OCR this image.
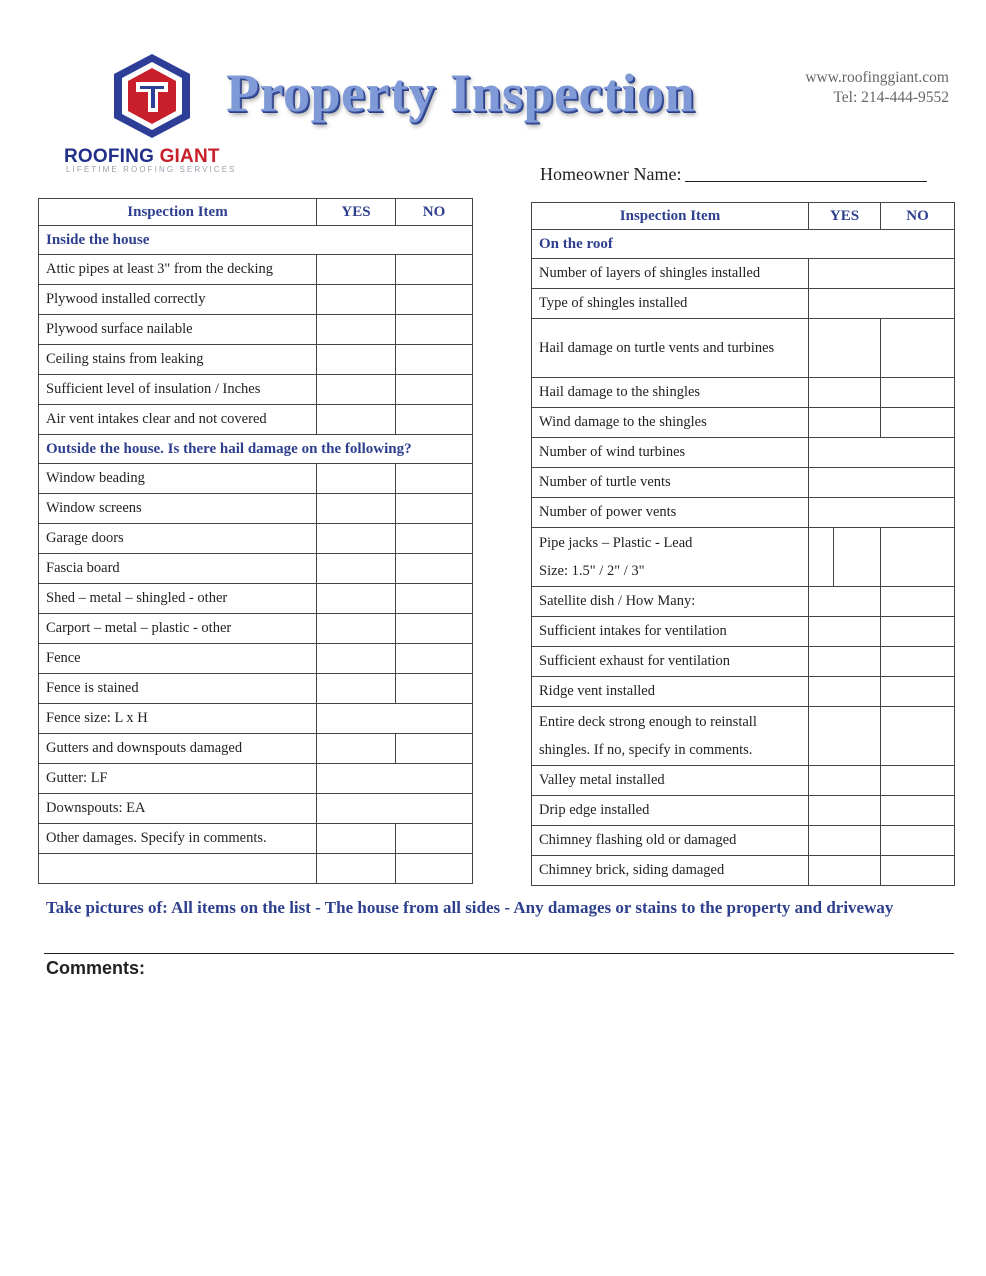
ROOFING GIANT
LIFETIME ROOFING SERVICES
Property Inspection	www.roofinggiant.com
Tel: 214-444-9552
Homeowner Name:
Inspection Item	YES	NO
Inside the house		
Attic pipes at least 3" from the decking		
Plywood installed correctly		
Plywood surface nailable		
Ceiling stains from leaking		
Sufficient level of insulation / Inches		
Air vent intakes clear and not covered		
Outside the house. Is there hail damage on the following?		
Window beading		
Window screens		
Garage doors		
Fascia board		
Shed – metal – shingled - other		
Carport – metal – plastic - other		
Fence		
Fence is stained		
Fence size: L x H		
Gutters and downspouts damaged		
Gutter: LF		
Downspouts: EA		
Other damages. Specify in comments.		

Inspection Item	YES		NO
On the roof			
Number of layers of shingles installed			
Type of shingles installed			
Hail damage on turtle vents and turbines			
Hail damage to the shingles			
Wind damage to the shingles			
Number of wind turbines			
Number of turtle vents			
Number of power vents			

Pipe jacks – Plastic - Lead
Size: 1.5" / 2" / 3"			

Satellite dish / How Many:			
Sufficient intakes for ventilation			
Sufficient exhaust for ventilation			
Ridge vent installed			
Entire deck strong enough to reinstall shingles. If no, specify in comments.			
Valley metal installed			
Drip edge installed			
Chimney flashing old or damaged			
Chimney brick, siding damaged			
Take pictures of: All items on the list - The house from all sides - Any damages or stains to the property and driveway
Comments:
